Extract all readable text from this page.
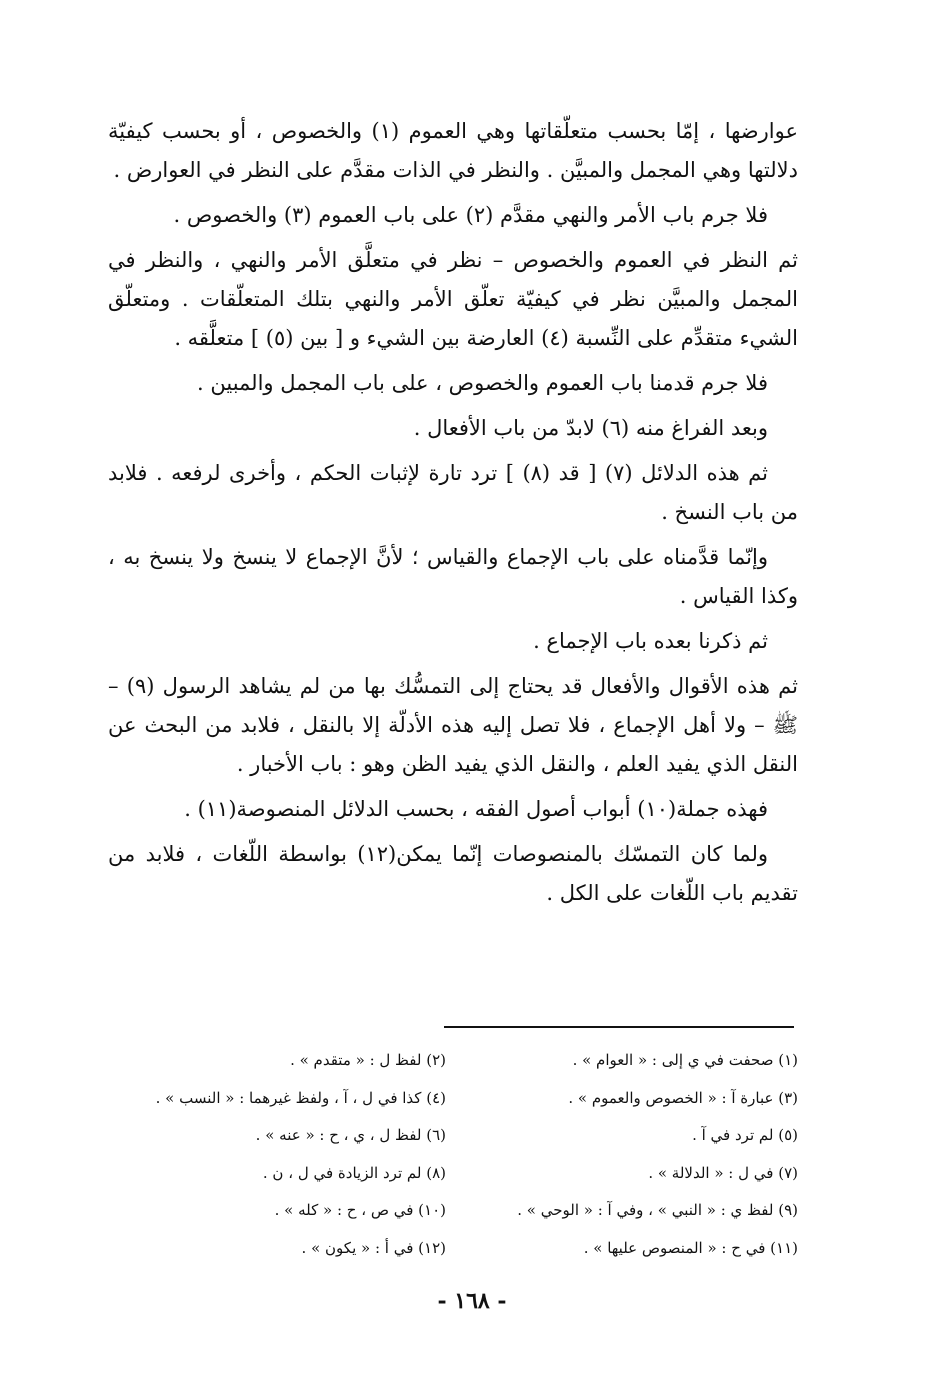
عوارضها ، إمّا بحسب متعلّقاتها وهي العموم (١) والخصوص ، أو بحسب كيفيّة دلالتها وهي المجمل والمبيَّن . والنظر في الذات مقدَّم على النظر في العوارض .

فلا جرم باب الأمر والنهي مقدَّم (٢) على باب العموم (٣) والخصوص .

ثم النظر في العموم والخصوص – نظر في متعلَّق الأمر والنهي ، والنظر في المجمل والمبيَّن نظر في كيفيّة تعلّق الأمر والنهي بتلك المتعلّقات . ومتعلّق الشيء متقدِّم على النِّسبة (٤) العارضة بين الشيء و [ بين (٥) ] متعلَّقه .

فلا جرم قدمنا باب العموم والخصوص ، على باب المجمل والمبين .

وبعد الفراغ منه (٦) لابدّ من باب الأفعال .

ثم هذه الدلائل (٧) [ قد (٨) ] ترد تارة لإثبات الحكم ، وأخرى لرفعه . فلابد من باب النسخ .

وإنّما قدَّمناه على باب الإجماع والقياس ؛ لأنَّ الإجماع لا ينسخ ولا ينسخ به ، وكذا القياس .

ثم ذكرنا بعده باب الإجماع .

ثم هذه الأقوال والأفعال قد يحتاج إلى التمسُّك بها من لم يشاهد الرسول (٩) – ﷺ – ولا أهل الإجماع ، فلا تصل إليه هذه الأدلّة إلا بالنقل ، فلابد من البحث عن النقل الذي يفيد العلم ، والنقل الذي يفيد الظن وهو : باب الأخبار .

فهذه جملة(١٠) أبواب أصول الفقه ، بحسب الدلائل المنصوصة(١١) .

ولما كان التمسّك بالمنصوصات إنّما يمكن(١٢) بواسطة اللّغات ، فلابد من تقديم باب اللّغات على الكل .

(١) صحفت في ي إلى : « العوام » .
(٢) لفظ ل : « متقدم » .
(٣) عبارة آ : « الخصوص والعموم » .
(٤) كذا في ل ، آ ، ولفظ غيرهما : « النسب » .
(٥) لم ترد في آ .
(٦) لفظ ل ، ي ، ح : « عنه » .
(٧) في ل : « الدلالة » .
(٨) لم ترد الزيادة في ل ، ن .
(٩) لفظ ي : « النبي » ، وفي آ : « الوحي » .
(١٠) في ص ، ح : « كله » .
(١١) في ح : « المنصوص عليها » .
(١٢) في أ : « يكون » .
- ١٦٨ -
